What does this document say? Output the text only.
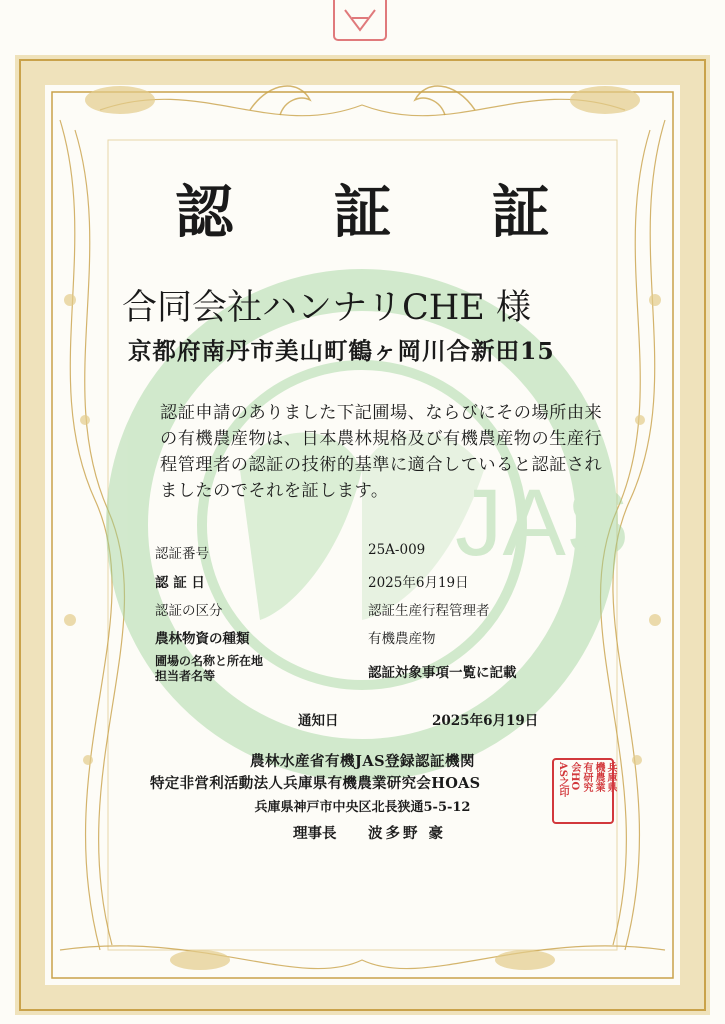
JAS
認 証 証
合同会社ハンナリCHE 様
京都府南丹市美山町鶴ヶ岡川合新田15
認証申請のありました下記圃場、ならびにその場所由来の有機農産物は、日本農林規格及び有機農産物の生産行程管理者の認証の技術的基準に適合していると認証されましたのでそれを証します。
認証番号	25A-009
認 証 日	2025年6月19日
認証の区分	認証生産行程管理者
農林物資の種類	有機農産物
圃場の名称と所在地
担当者名等	認証対象事項一覧に記載
通知日	2025年6月19日
農林水産省有機JAS登録認証機関
特定非営利活動法人兵庫県有機農業研究会HOAS
兵庫県神戸市中央区北長狭通5-5-12
理事長 波多野 豪
兵庫県
機農業
有研究
会HO
AS之印
